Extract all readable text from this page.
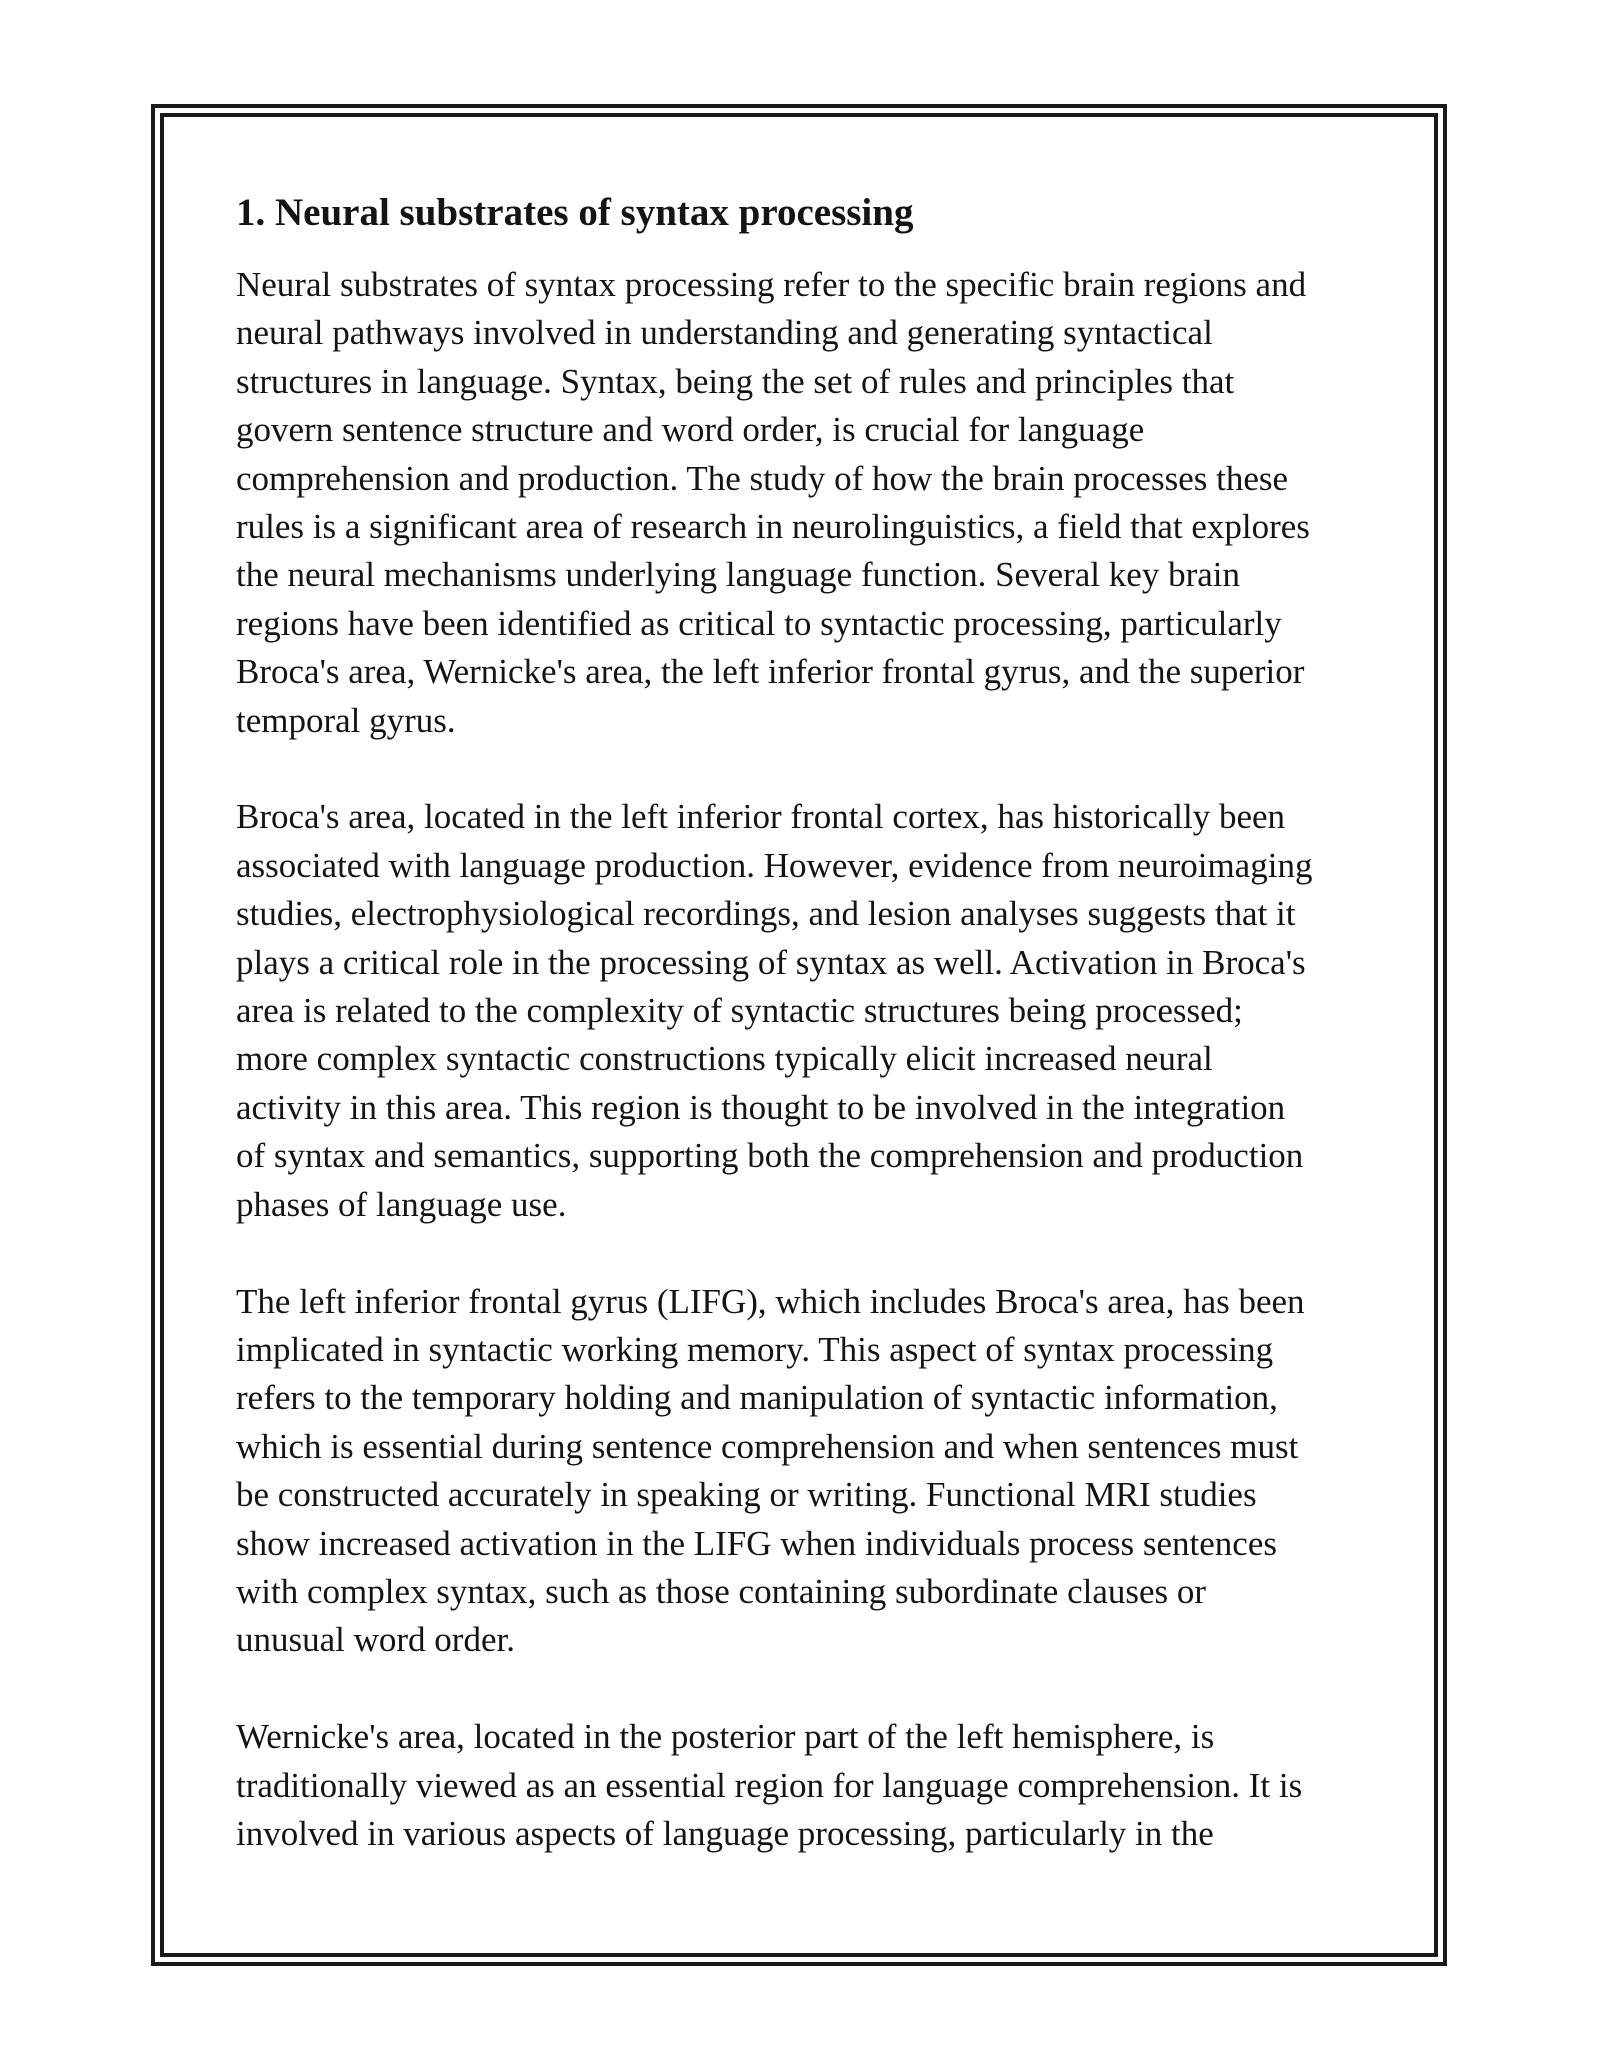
1. Neural substrates of syntax processing
Neural substrates of syntax processing refer to the specific brain regions and
neural pathways involved in understanding and generating syntactical
structures in language. Syntax, being the set of rules and principles that
govern sentence structure and word order, is crucial for language
comprehension and production. The study of how the brain processes these
rules is a significant area of research in neurolinguistics, a field that explores
the neural mechanisms underlying language function. Several key brain
regions have been identified as critical to syntactic processing, particularly
Broca's area, Wernicke's area, the left inferior frontal gyrus, and the superior
temporal gyrus.
Broca's area, located in the left inferior frontal cortex, has historically been
associated with language production. However, evidence from neuroimaging
studies, electrophysiological recordings, and lesion analyses suggests that it
plays a critical role in the processing of syntax as well. Activation in Broca's
area is related to the complexity of syntactic structures being processed;
more complex syntactic constructions typically elicit increased neural
activity in this area. This region is thought to be involved in the integration
of syntax and semantics, supporting both the comprehension and production
phases of language use.
The left inferior frontal gyrus (LIFG), which includes Broca's area, has been
implicated in syntactic working memory. This aspect of syntax processing
refers to the temporary holding and manipulation of syntactic information,
which is essential during sentence comprehension and when sentences must
be constructed accurately in speaking or writing. Functional MRI studies
show increased activation in the LIFG when individuals process sentences
with complex syntax, such as those containing subordinate clauses or
unusual word order.
Wernicke's area, located in the posterior part of the left hemisphere, is
traditionally viewed as an essential region for language comprehension. It is
involved in various aspects of language processing, particularly in the
